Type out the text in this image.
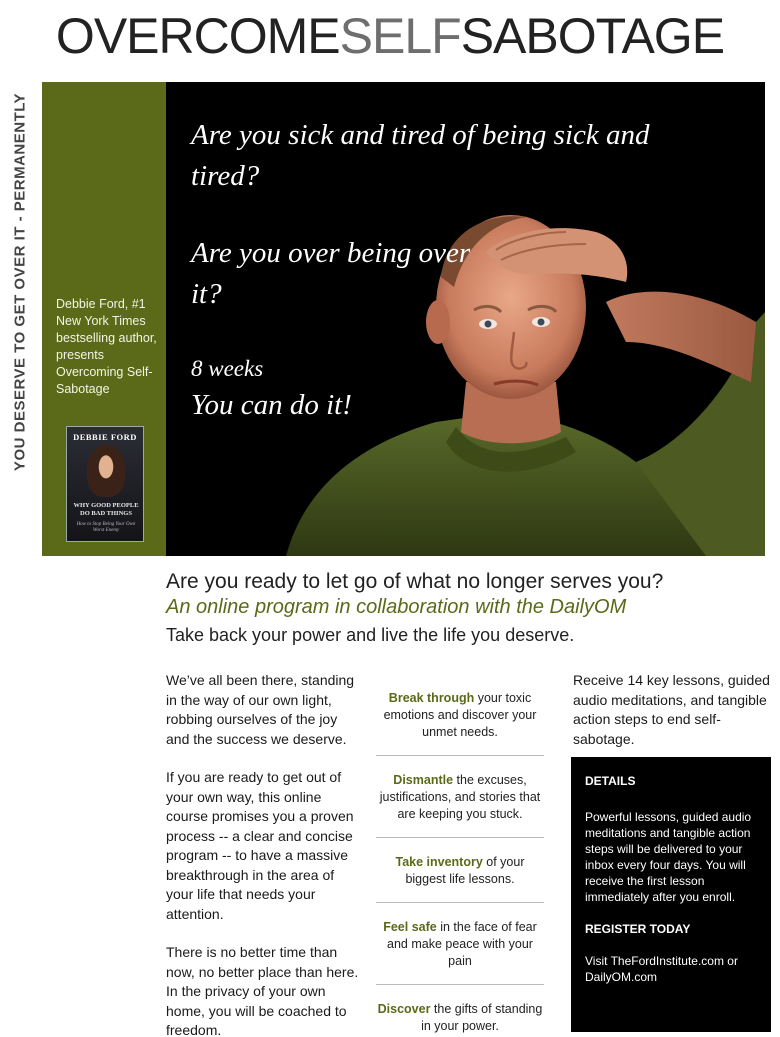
OVERCOMESELFSABOTAGE
YOU DESERVE TO GET OVER IT - PERMANENTLY Debbie Ford, #1 New York Times bestselling author, presents Overcoming Self-Sabotage
DEBBIE FORD
WHY GOOD PEOPLE DO BAD THINGS
How to Stop Being Your Own Worst Enemy
Are you sick and tired of being sick and tired?
Are you over being over it?
8 weeks
You can do it!
Are you ready to let go of what no longer serves you?
An online program in collaboration with the DailyOM
Take back your power and live the life you deserve.

We’ve all been there, standing in the way of our own light, robbing ourselves of the joy and the success we deserve.

If you are ready to get out of your own way, this online course promises you a proven process -- a clear and concise program -- to have a massive breakthrough in the area of your life that needs your attention.

There is no better time than now, no better place than here. In the privacy of your own home, you will be coached to freedom.

Break through your toxic emotions and discover your unmet needs.
Dismantle the excuses, justifications, and stories that are keeping you stuck.
Take inventory of your biggest life lessons.
Feel safe in the face of fear and make peace with your pain
Discover the gifts of standing in your power.
Receive 14 key lessons, guided audio meditations, and tangible action steps to end self-sabotage.
DETAILS

Powerful lessons, guided audio meditations and tangible action steps will be delivered to your inbox every four days. You will receive the first lesson immediately after you enroll.

REGISTER TODAY

Visit TheFordInstitute.com or DailyOM.com
